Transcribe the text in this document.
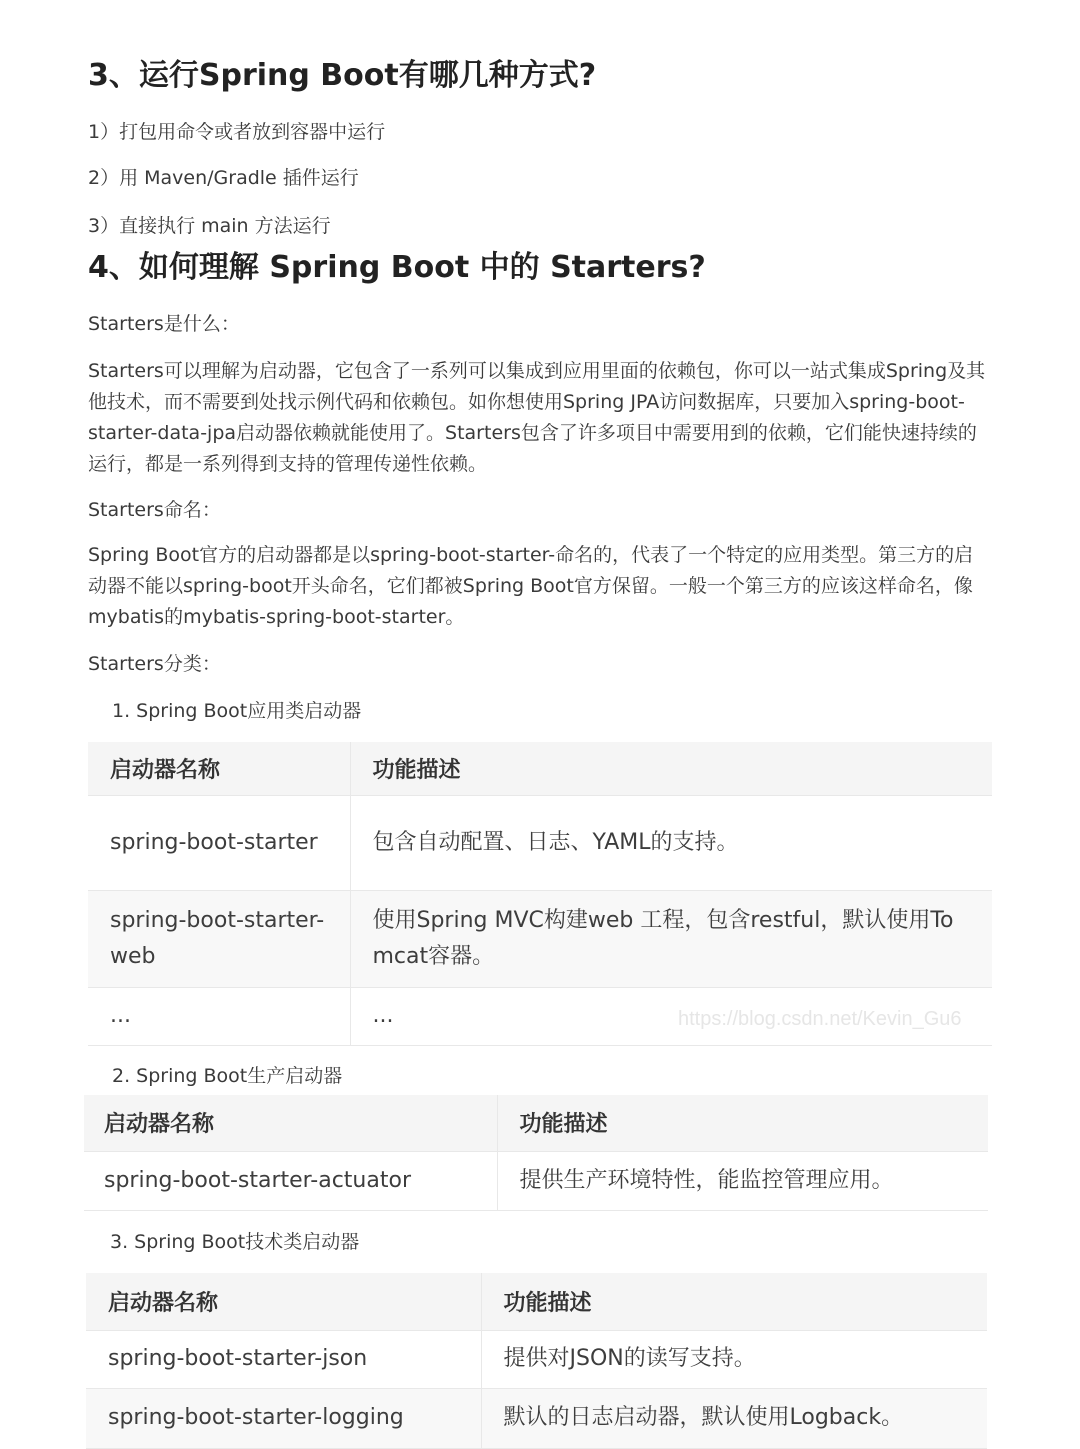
3、运行Spring Boot有哪几种方式?

1）打包用命令或者放到容器中运行

2）用 Maven/Gradle 插件运行

3）直接执行 main 方法运行

4、如何理解 Spring Boot 中的 Starters?

Starters是什么：

Starters可以理解为启动器，它包含了一系列可以集成到应用里面的依赖包，你可以一站式集成Spring及其他技术，而不需要到处找示例代码和依赖包。如你想使用Spring JPA访问数据库，只要加入spring-boot-starter-data-jpa启动器依赖就能使用了。Starters包含了许多项目中需要用到的依赖，它们能快速持续的运行，都是一系列得到支持的管理传递性依赖。

Starters命名：

Spring Boot官方的启动器都是以spring-boot-starter-命名的，代表了一个特定的应用类型。第三方的启动器不能以spring-boot开头命名，它们都被Spring Boot官方保留。一般一个第三方的应该这样命名，像mybatis的mybatis-spring-boot-starter。

Starters分类：

1. Spring Boot应用类启动器

启动器名称	功能描述
spring-boot-starter	包含自动配置、日志、YAML的支持。
spring-boot-starter-web	使用Spring MVC构建web 工程，包含restful，默认使用Tomcat容器。
...	...	https://blog.csdn.net/Kevin_Gu6

2. Spring Boot生产启动器

启动器名称	功能描述
spring-boot-starter-actuator	提供生产环境特性，能监控管理应用。

3. Spring Boot技术类启动器

启动器名称	功能描述
spring-boot-starter-json	提供对JSON的读写支持。
spring-boot-starter-logging	默认的日志启动器，默认使用Logback。
